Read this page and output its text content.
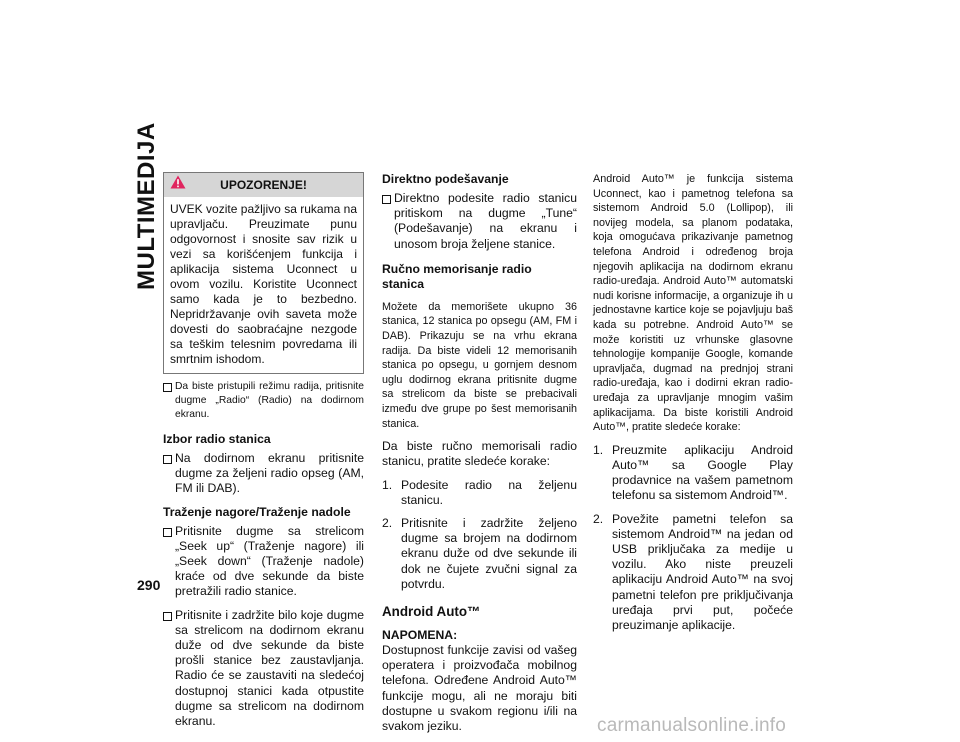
MULTIMEDIJA
290
UPOZORENJE!
UVEK vozite pažljivo sa rukama na upravljaču. Preuzimate punu odgovornost i snosite sav rizik u vezi sa korišćenjem funkcija i aplikacija sistema Uconnect u ovom vozilu. Koristite Uconnect samo kada je to bezbedno. Nepridržavanje ovih saveta može dovesti do saobraćajne nezgode sa teškim telesnim povredama ili smrtnim ishodom.
Da biste pristupili režimu radija, pritisnite dugme „Radio“ (Radio) na dodirnom ekranu.
Izbor radio stanica
Na dodirnom ekranu pritisnite dugme za željeni radio opseg (AM, FM ili DAB).
Traženje nagore/Traženje nadole
Pritisnite dugme sa strelicom „Seek up“ (Traženje nagore) ili „Seek down“ (Traženje nadole) kraće od dve sekunde da biste pretražili radio stanice.
Pritisnite i zadržite bilo koje dugme sa strelicom na dodirnom ekranu duže od dve sekunde da biste prošli stanice bez zaustavljanja. Radio će se zaustaviti na sledećoj dostupnoj stanici kada otpustite dugme sa strelicom na dodirnom ekranu.
Direktno podešavanje
Direktno podesite radio stanicu pritiskom na dugme „Tune“ (Podešavanje) na ekranu i unosom broja željene stanice.
Ručno memorisanje radio stanica

Možete da memorišete ukupno 36 stanica, 12 stanica po opsegu (AM, FM i DAB). Prikazuju se na vrhu ekrana radija. Da biste videli 12 memorisanih stanica po opsegu, u gornjem desnom uglu dodirnog ekrana pritisnite dugme sa strelicom da biste se prebacivali između dve grupe po šest memorisanih stanica.

Da biste ručno memorisali radio stanicu, pratite sledeće korake:

1. Podesite radio na željenu stanicu.
2. Pritisnite i zadržite željeno dugme sa brojem na dodirnom ekranu duže od dve sekunde ili dok ne čujete zvučni signal za potvrdu.
Android Auto™
NAPOMENA:

Dostupnost funkcije zavisi od vašeg operatera i proizvođača mobilnog telefona. Određene Android Auto™ funkcije mogu, ali ne moraju biti dostupne u svakom regionu i/ili na svakom jeziku.

Android Auto™ je funkcija sistema Uconnect, kao i pametnog telefona sa sistemom Android 5.0 (Lollipop), ili novijeg modela, sa planom podataka, koja omogućava prikazivanje pametnog telefona Android i određenog broja njegovih aplikacija na dodirnom ekranu radio-uređaja. Android Auto™ automatski nudi korisne informacije, a organizuje ih u jednostavne kartice koje se pojavljuju baš kada su potrebne. Android Auto™ se može koristiti uz vrhunske glasovne tehnologije kompanije Google, komande upravljača, dugmad na prednjoj strani radio-uređaja, kao i dodirni ekran radio-uređaja za upravljanje mnogim vašim aplikacijama. Da biste koristili Android Auto™, pratite sledeće korake:

1. Preuzmite aplikaciju Android Auto™ sa Google Play prodavnice na vašem pametnom telefonu sa sistemom Android™.
2. Povežite pametni telefon sa sistemom Android™ na jedan od USB priključaka za medije u vozilu. Ako niste preuzeli aplikaciju Android Auto™ na svoj pametni telefon pre priključivanja uređaja prvi put, počeće preuzimanje aplikacije.
carmanualsonline.info
